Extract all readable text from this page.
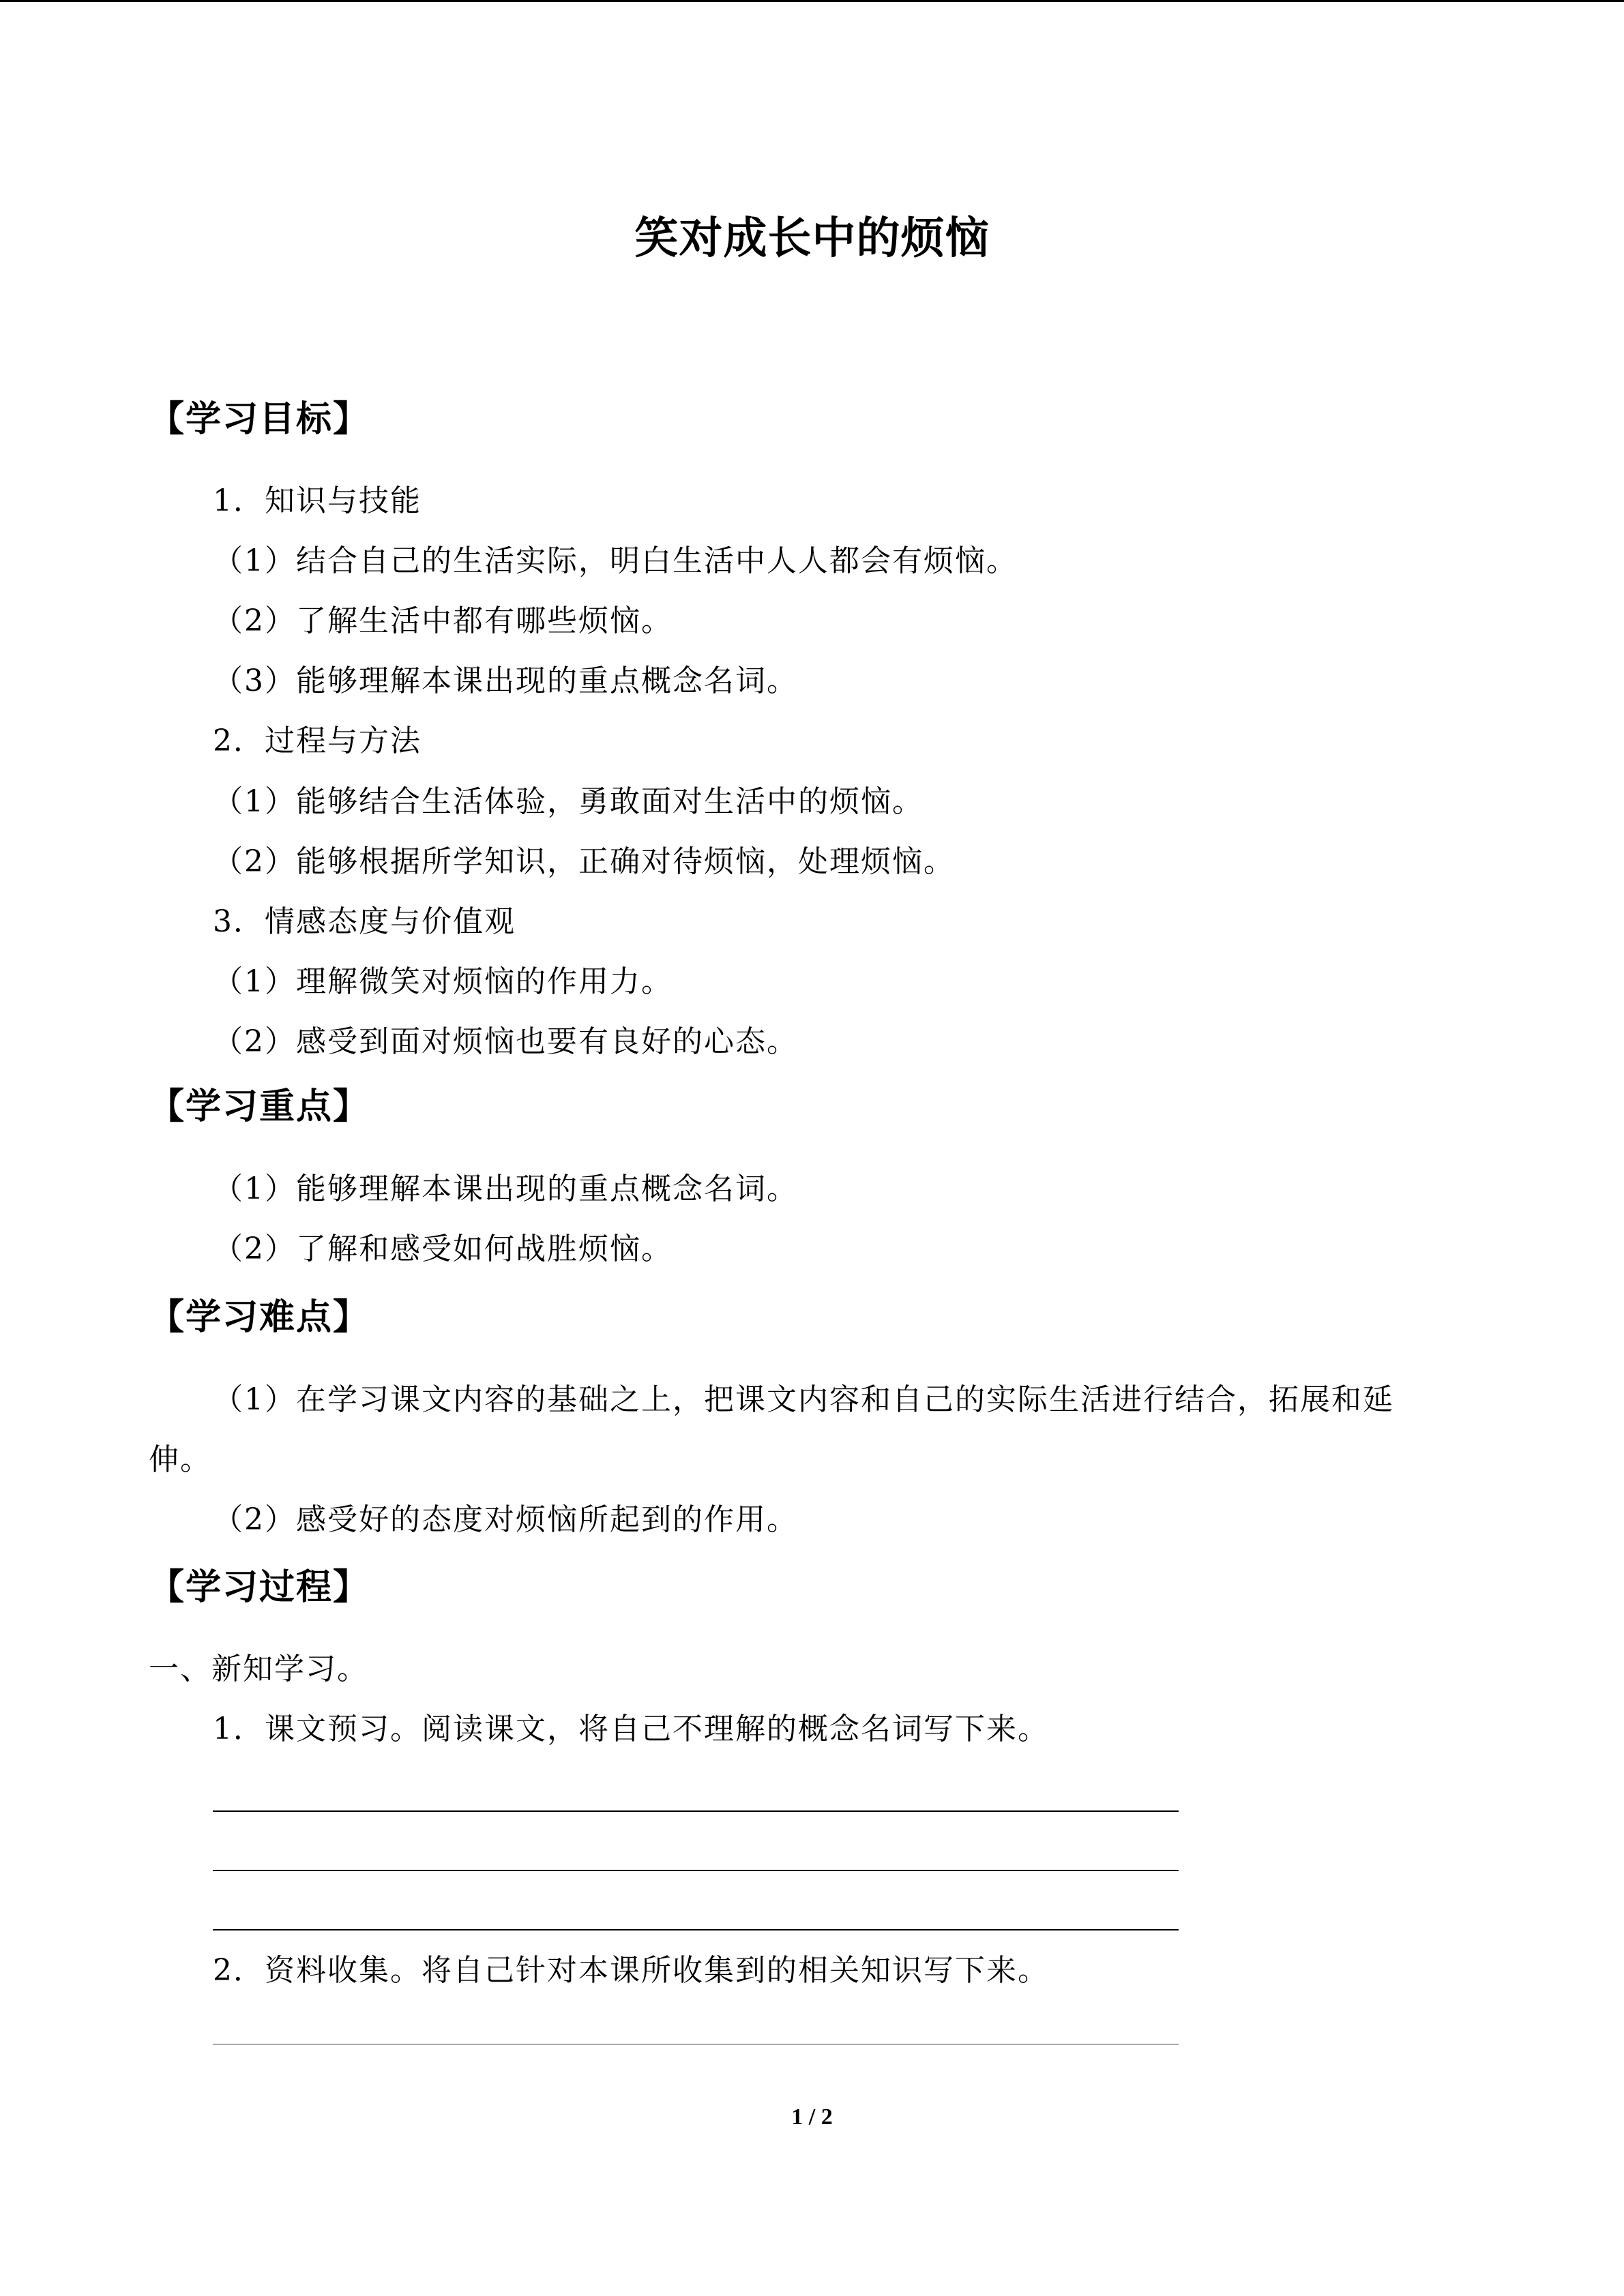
笑对成长中的烦恼
【学习目标】
1．知识与技能
（1）结合自己的生活实际，明白生活中人人都会有烦恼。
（2）了解生活中都有哪些烦恼。
（3）能够理解本课出现的重点概念名词。
2．过程与方法
（1）能够结合生活体验，勇敢面对生活中的烦恼。
（2）能够根据所学知识，正确对待烦恼，处理烦恼。
3．情感态度与价值观
（1）理解微笑对烦恼的作用力。
（2）感受到面对烦恼也要有良好的心态。
【学习重点】
（1）能够理解本课出现的重点概念名词。
（2）了解和感受如何战胜烦恼。
【学习难点】
（1）在学习课文内容的基础之上，把课文内容和自己的实际生活进行结合，拓展和延
伸。
（2）感受好的态度对烦恼所起到的作用。
【学习过程】
一、新知学习。
1．课文预习。阅读课文，将自己不理解的概念名词写下来。
2．资料收集。将自己针对本课所收集到的相关知识写下来。
1 / 2
